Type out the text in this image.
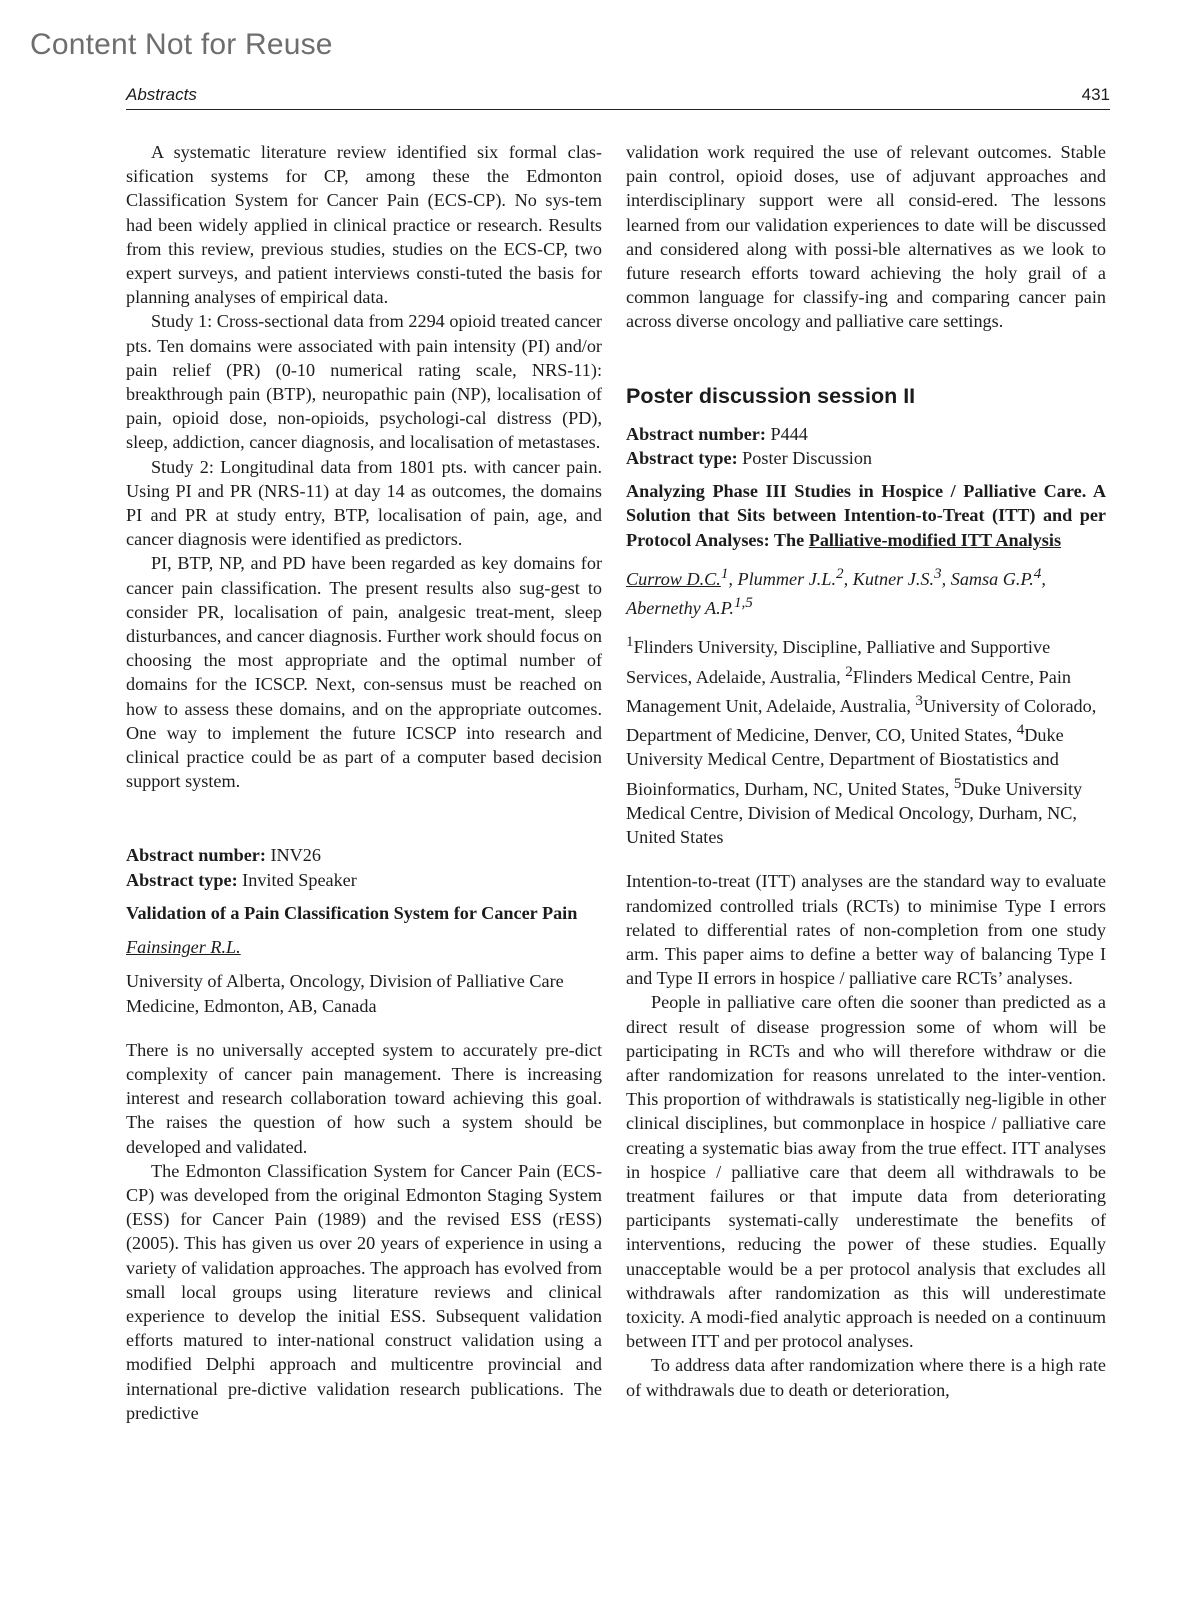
Content Not for Reuse
Abstracts	431

A systematic literature review identified six formal clas-sification systems for CP, among these the Edmonton Classification System for Cancer Pain (ECS-CP). No sys-tem had been widely applied in clinical practice or research. Results from this review, previous studies, studies on the ECS-CP, two expert surveys, and patient interviews consti-tuted the basis for planning analyses of empirical data.

Study 1: Cross-sectional data from 2294 opioid treated cancer pts. Ten domains were associated with pain intensity (PI) and/or pain relief (PR) (0-10 numerical rating scale, NRS-11): breakthrough pain (BTP), neuropathic pain (NP), localisation of pain, opioid dose, non-opioids, psychologi-cal distress (PD), sleep, addiction, cancer diagnosis, and localisation of metastases.

Study 2: Longitudinal data from 1801 pts. with cancer pain. Using PI and PR (NRS-11) at day 14 as outcomes, the domains PI and PR at study entry, BTP, localisation of pain, age, and cancer diagnosis were identified as predictors.

PI, BTP, NP, and PD have been regarded as key domains for cancer pain classification. The present results also sug-gest to consider PR, localisation of pain, analgesic treat-ment, sleep disturbances, and cancer diagnosis. Further work should focus on choosing the most appropriate and the optimal number of domains for the ICSCP. Next, con-sensus must be reached on how to assess these domains, and on the appropriate outcomes. One way to implement the future ICSCP into research and clinical practice could be as part of a computer based decision support system.

Abstract number: INV26
Abstract type: Invited Speaker

Validation of a Pain Classification System for Cancer Pain

Fainsinger R.L.

University of Alberta, Oncology, Division of Palliative Care Medicine, Edmonton, AB, Canada

There is no universally accepted system to accurately pre-dict complexity of cancer pain management. There is increasing interest and research collaboration toward achieving this goal. The raises the question of how such a system should be developed and validated.

The Edmonton Classification System for Cancer Pain (ECS-CP) was developed from the original Edmonton Staging System (ESS) for Cancer Pain (1989) and the revised ESS (rESS) (2005). This has given us over 20 years of experience in using a variety of validation approaches. The approach has evolved from small local groups using literature reviews and clinical experience to develop the initial ESS. Subsequent validation efforts matured to inter-national construct validation using a modified Delphi approach and multicentre provincial and international pre-dictive validation research publications. The predictive

validation work required the use of relevant outcomes. Stable pain control, opioid doses, use of adjuvant approaches and interdisciplinary support were all consid-ered. The lessons learned from our validation experiences to date will be discussed and considered along with possi-ble alternatives as we look to future research efforts toward achieving the holy grail of a common language for classify-ing and comparing cancer pain across diverse oncology and palliative care settings.

Poster discussion session II
Abstract number: P444
Abstract type: Poster Discussion

Analyzing Phase III Studies in Hospice / Palliative Care. A Solution that Sits between Intention-to-Treat (ITT) and per Protocol Analyses: The Palliative-modified ITT Analysis

Currow D.C.$^1$, Plummer J.L.$^2$, Kutner J.S.$^3$, Samsa G.P.$^4$, Abernethy A.P.$^{1,5}$

$^1$Flinders University, Discipline, Palliative and Supportive Services, Adelaide, Australia, $^2$Flinders Medical Centre, Pain Management Unit, Adelaide, Australia, $^3$University of Colorado, Department of Medicine, Denver, CO, United States, $^4$Duke University Medical Centre, Department of Biostatistics and Bioinformatics, Durham, NC, United States, $^5$Duke University Medical Centre, Division of Medical Oncology, Durham, NC, United States

Intention-to-treat (ITT) analyses are the standard way to evaluate randomized controlled trials (RCTs) to minimise Type I errors related to differential rates of non-completion from one study arm. This paper aims to define a better way of balancing Type I and Type II errors in hospice / palliative care RCTs’ analyses.

People in palliative care often die sooner than predicted as a direct result of disease progression some of whom will be participating in RCTs and who will therefore withdraw or die after randomization for reasons unrelated to the inter-vention. This proportion of withdrawals is statistically neg-ligible in other clinical disciplines, but commonplace in hospice / palliative care creating a systematic bias away from the true effect. ITT analyses in hospice / palliative care that deem all withdrawals to be treatment failures or that impute data from deteriorating participants systemati-cally underestimate the benefits of interventions, reducing the power of these studies. Equally unacceptable would be a per protocol analysis that excludes all withdrawals after randomization as this will underestimate toxicity. A modi-fied analytic approach is needed on a continuum between ITT and per protocol analyses.

To address data after randomization where there is a high rate of withdrawals due to death or deterioration,
